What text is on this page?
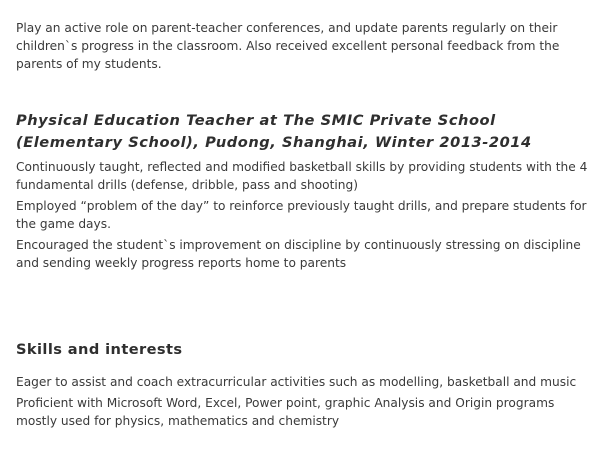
Play an active role on parent-teacher conferences, and update parents regularly on their children`s progress in the classroom. Also received excellent personal feedback from the parents of my students.

Physical Education Teacher at The SMIC Private School (Elementary School), Pudong, Shanghai, Winter 2013-2014

Continuously taught, reflected and modified basketball skills by providing students with the 4 fundamental drills (defense, dribble, pass and shooting)

Employed “problem of the day” to reinforce previously taught drills, and prepare students for the game days.

Encouraged the student`s improvement on discipline by continuously stressing on discipline and sending weekly progress reports home to parents

Skills and interests

Eager to assist and coach extracurricular activities such as modelling, basketball and music

Proficient with Microsoft Word, Excel, Power point, graphic Analysis and Origin programs mostly used for physics, mathematics and chemistry
